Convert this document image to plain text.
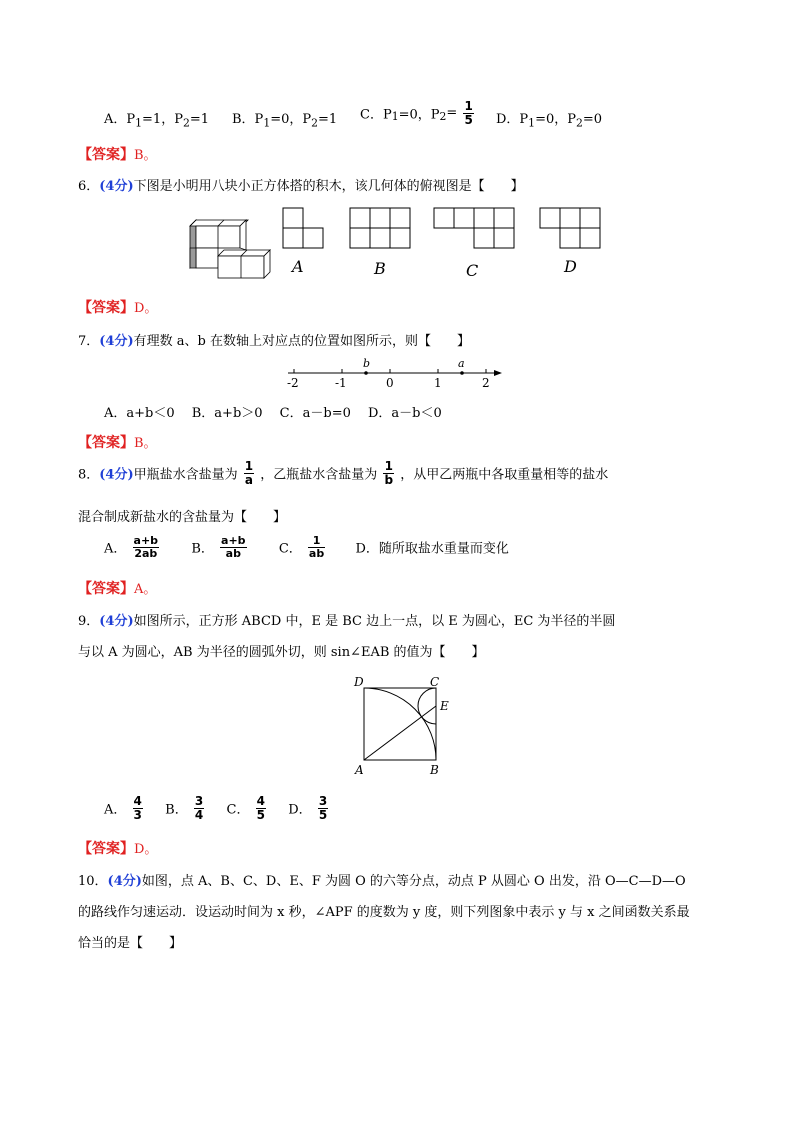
A．$P_1=1$，$P_2=1$ B．$P_1=0$，$P_2=1$ C．$P_1=0$，$P_2= \frac{1}{5}$ D．$P_1=0$，$P_2=0$
【答案】B。
6．(4分)下图是小明用八块小正方体搭的积木，该几何体的俯视图是【　　】
A	B	C	D
【答案】D。
7．(4分)有理数 a、b 在数轴上对应点的位置如图所示，则【　　】
b	a
-2	-1	0	1	2
A．a+b＜0　 B．a+b＞0　 C．a－b=0　 D．a－b＜0
【答案】B。
8．(4分)甲瓶盐水含盐量为 $\frac{1}{a}$ ，乙瓶盐水含盐量为 $\frac{1}{b}$ ，从甲乙两瓶中各取重量相等的盐水
混合制成新盐水的含盐量为【　　】
A． $\frac{a+b}{2ab}$ B． $\frac{a+b}{ab}$ C． $\frac{1}{ab}$ D．随所取盐水重量而变化
【答案】A。
9．(4分)如图所示，正方形 ABCD 中，E 是 BC 边上一点，以 E 为圆心，EC 为半径的半圆
与以 A 为圆心，AB 为半径的圆弧外切，则 sin∠EAB 的值为【　　】
D	C
E
A	B
A． $\frac{4}{3}$ B． $\frac{3}{4}$ C． $\frac{4}{5}$ D． $\frac{3}{5}$
【答案】D。
10．(4分)如图，点 A、B、C、D、E、F 为圆 O 的六等分点，动点 P 从圆心 O 出发，沿 O—C—D—O
的路线作匀速运动．设运动时间为 x 秒，∠APF 的度数为 y 度，则下列图象中表示 y 与 x 之间函数关系最
恰当的是【　　】
